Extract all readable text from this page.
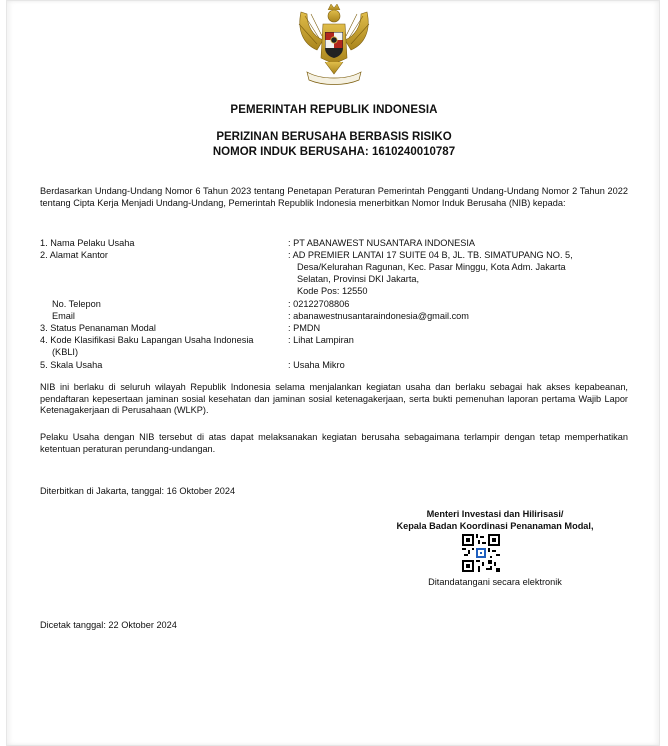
PEMERINTAH REPUBLIK INDONESIA
PERIZINAN BERUSAHA BERBASIS RISIKO
NOMOR INDUK BERUSAHA: 1610240010787
Berdasarkan Undang-Undang Nomor 6 Tahun 2023 tentang Penetapan Peraturan Pemerintah Pengganti Undang-Undang Nomor 2 Tahun 2022 tentang Cipta Kerja Menjadi Undang-Undang, Pemerintah Republik Indonesia menerbitkan Nomor Induk Berusaha (NIB) kepada:
1. Nama Pelaku Usaha	: PT ABANAWEST NUSANTARA INDONESIA
2. Alamat Kantor	: AD PREMIER LANTAI 17 SUITE 04 B, JL. TB. SIMATUPANG NO. 5,
Desa/Kelurahan Ragunan, Kec. Pasar Minggu, Kota Adm. Jakarta
Selatan, Provinsi DKI Jakarta,
Kode Pos: 12550
No. Telepon	: 02122708806
Email	: abanawestnusantaraindonesia@gmail.com
3. Status Penanaman Modal	: PMDN
4. Kode Klasifikasi Baku Lapangan Usaha Indonesia	: Lihat Lampiran
(KBLI)
5. Skala Usaha	: Usaha Mikro
NIB ini berlaku di seluruh wilayah Republik Indonesia selama menjalankan kegiatan usaha dan berlaku sebagai hak akses kepabeanan, pendaftaran kepesertaan jaminan sosial kesehatan dan jaminan sosial ketenagakerjaan, serta bukti pemenuhan laporan pertama Wajib Lapor Ketenagakerjaan di Perusahaan (WLKP).
Pelaku Usaha dengan NIB tersebut di atas dapat melaksanakan kegiatan berusaha sebagaimana terlampir dengan tetap memperhatikan ketentuan peraturan perundang-undangan.
Diterbitkan di Jakarta, tanggal: 16 Oktober 2024
Menteri Investasi dan Hilirisasi/
Kepala Badan Koordinasi Penanaman Modal,
Ditandatangani secara elektronik
Dicetak tanggal: 22 Oktober 2024
